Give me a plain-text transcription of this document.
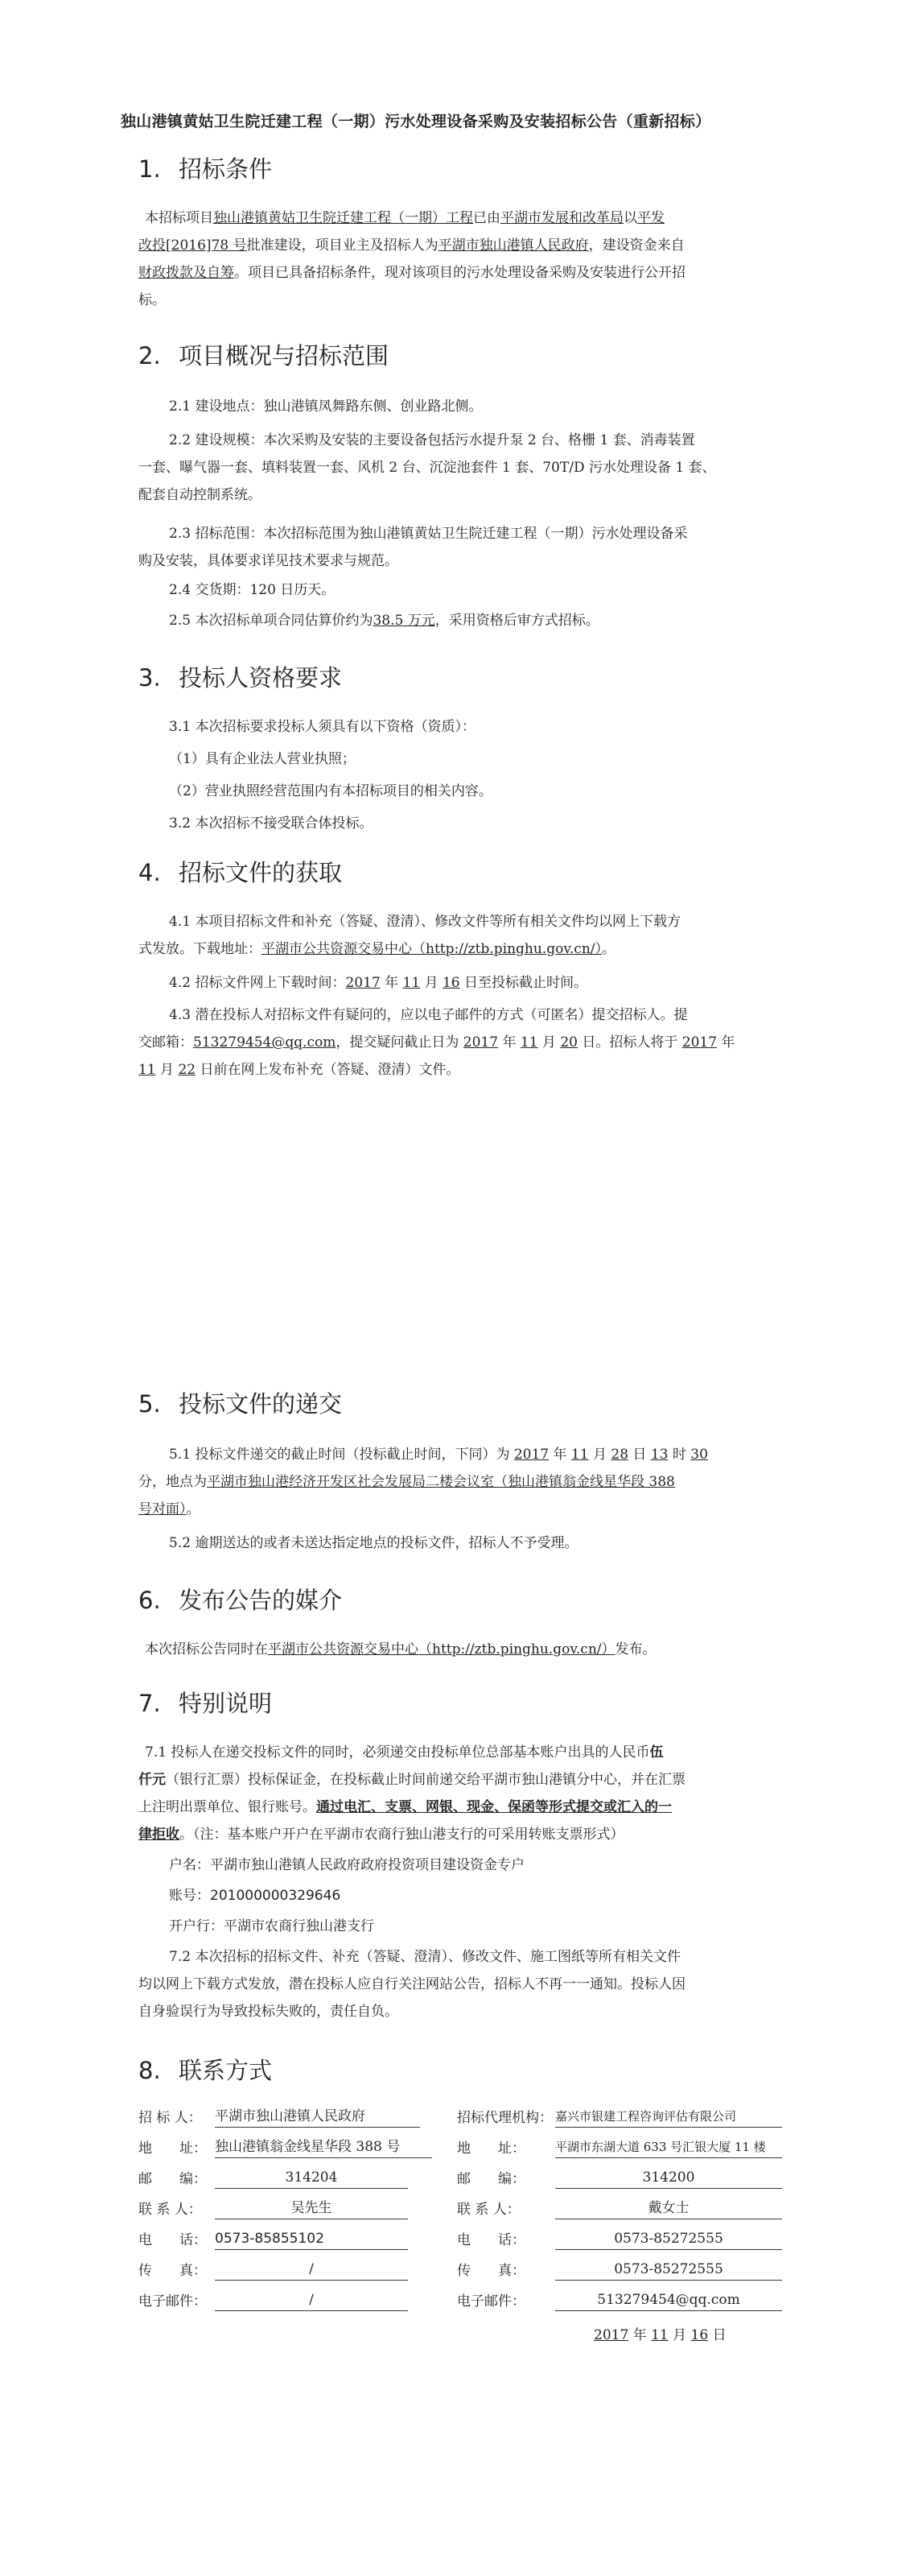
独山港镇黄姑卫生院迁建工程（一期）污水处理设备采购及安装招标公告（重新招标）
1. 招标条件
本招标项目独山港镇黄姑卫生院迁建工程（一期）工程已由平湖市发展和改革局以平发
改投[2016]78 号批准建设，项目业主及招标人为平湖市独山港镇人民政府，建设资金来自
财政拨款及自筹。项目已具备招标条件，现对该项目的污水处理设备采购及安装进行公开招
标。
2. 项目概况与招标范围
2.1 建设地点：独山港镇凤舞路东侧、创业路北侧。
2.2 建设规模：本次采购及安装的主要设备包括污水提升泵 2 台、格栅 1 套、消毒装置
一套、曝气器一套、填料装置一套、风机 2 台、沉淀池套件 1 套、70T/D 污水处理设备 1 套、
配套自动控制系统。
2.3 招标范围：本次招标范围为独山港镇黄姑卫生院迁建工程（一期）污水处理设备采
购及安装，具体要求详见技术要求与规范。
2.4 交货期：120 日历天。
2.5 本次招标单项合同估算价约为38.5 万元，采用资格后审方式招标。
3. 投标人资格要求
3.1 本次招标要求投标人须具有以下资格（资质）：
（1）具有企业法人营业执照；
（2）营业执照经营范围内有本招标项目的相关内容。
3.2 本次招标不接受联合体投标。
4. 招标文件的获取
4.1 本项目招标文件和补充（答疑、澄清）、修改文件等所有相关文件均以网上下载方
式发放。下载地址：平湖市公共资源交易中心（http://ztb.pinghu.gov.cn/）。
4.2 招标文件网上下载时间：2017 年 11 月 16 日至投标截止时间。
4.3 潜在投标人对招标文件有疑问的，应以电子邮件的方式（可匿名）提交招标人。提
交邮箱：513279454@qq.com，提交疑问截止日为 2017 年 11 月 20 日。招标人将于 2017 年
11 月 22 日前在网上发布补充（答疑、澄清）文件。
5. 投标文件的递交
5.1 投标文件递交的截止时间（投标截止时间，下同）为 2017 年 11 月 28 日 13 时 30
分，地点为平湖市独山港经济开发区社会发展局二楼会议室（独山港镇翁金线星华段 388
号对面）。
5.2 逾期送达的或者未送达指定地点的投标文件，招标人不予受理。
6. 发布公告的媒介
本次招标公告同时在平湖市公共资源交易中心（http://ztb.pinghu.gov.cn/）发布。
7. 特别说明
7.1 投标人在递交投标文件的同时，必须递交由投标单位总部基本账户出具的人民币伍
仟元（银行汇票）投标保证金，在投标截止时间前递交给平湖市独山港镇分中心，并在汇票
上注明出票单位、银行账号。通过电汇、支票、网银、现金、保函等形式提交或汇入的一
律拒收。（注：基本账户开户在平湖市农商行独山港支行的可采用转账支票形式）
户名：平湖市独山港镇人民政府政府投资项目建设资金专户
账号：201000000329646
开户行：平湖市农商行独山港支行
7.2 本次招标的招标文件、补充（答疑、澄清）、修改文件、施工图纸等所有相关文件
均以网上下载方式发放，潜在投标人应自行关注网站公告，招标人不再一一通知。投标人因
自身验误行为导致投标失败的，责任自负。
8. 联系方式
招 标 人： 平湖市独山港镇人民政府	招标代理机构： 嘉兴市银建工程咨询评估有限公司
地　　址： 独山港镇翁金线星华段 388 号	地　　址： 平湖市东湖大道 633 号汇银大厦 11 楼
邮　　编：	314204	邮　　编：	314200
联 系 人：	吴先生	联 系 人：	戴女士
电　　话： 0573-85855102	电　　话：	0573-85272555
传　　真：	/	传　　真：	0573-85272555
电子邮件：	/	电子邮件：	513279454@qq.com
2017 年 11 月 16 日
